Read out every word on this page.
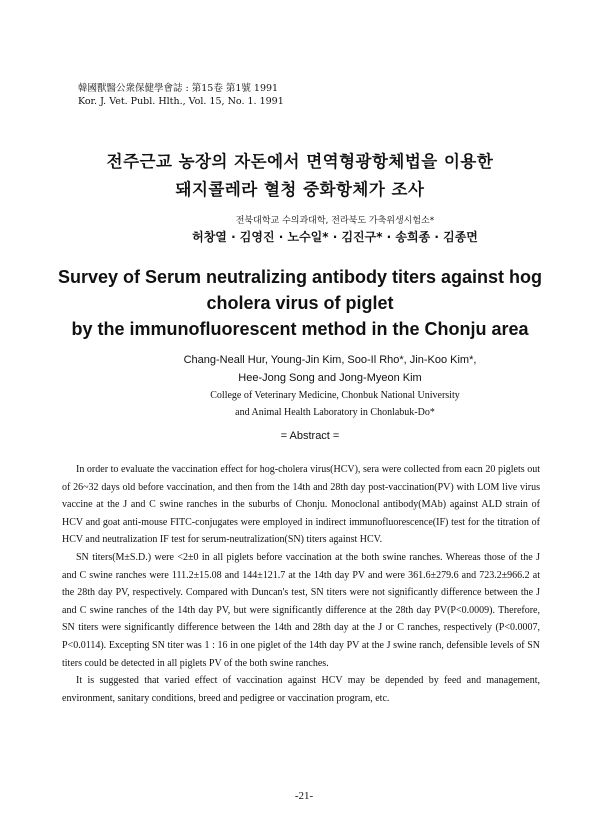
韓國獸醫公衆保健學會誌 : 第15卷 第1號 1991
Kor. J. Vet. Publ. Hlth., Vol. 15, No. 1. 1991
전주근교 농장의 자돈에서 면역형광항체법을 이용한
돼지콜레라 혈청 중화항체가 조사
전북대학교 수의과대학, 전라북도 가축위생시험소*
허창열 · 김영진 · 노수일* · 김진구* · 송희종 · 김종면
Survey of Serum neutralizing antibody titers against hog
cholera virus of piglet
by the immunofluorescent method in the Chonju area
Chang-Neall Hur, Young-Jin Kim, Soo-Il Rho*, Jin-Koo Kim*,
Hee-Jong Song and Jong-Myeon Kim
College of Veterinary Medicine, Chonbuk National University
and Animal Health Laboratory in Chonlabuk-Do*
= Abstract =

In order to evaluate the vaccination effect for hog-cholera virus(HCV), sera were collected from eacn 20 piglets out of 26~32 days old before vaccination, and then from the 14th and 28th day post-vaccination(PV) with LOM live virus vaccine at the J and C swine ranches in the suburbs of Chonju. Monoclonal antibody(MAb) against ALD strain of HCV and goat anti-mouse FITC-conjugates were employed in indirect immunofluorescence(IF) test for the titration of HCV and neutralization IF test for serum-neutralization(SN) titers against HCV.

SN titers(M±S.D.) were <2±0 in all piglets before vaccination at the both swine ranches. Whereas those of the J and C swine ranches were 111.2±15.08 and 144±121.7 at the 14th day PV and were 361.6±279.6 and 723.2±966.2 at the 28th day PV, respectively. Compared with Duncan's test, SN titers were not significantly difference between the J and C swine ranches of the 14th day PV, but were significantly difference at the 28th day PV(P<0.0009). Therefore, SN titers were significantly difference between the 14th and 28th day at the J or C ranches, respectively (P<0.0007, P<0.0114). Excepting SN titer was 1 : 16 in one piglet of the 14th day PV at the J swine ranch, defensible levels of SN titers could be detected in all piglets PV of the both swine ranches.

It is suggested that varied effect of vaccination against HCV may be depended by feed and management, environment, sanitary conditions, breed and pedigree or vaccination program, etc.

-21-
